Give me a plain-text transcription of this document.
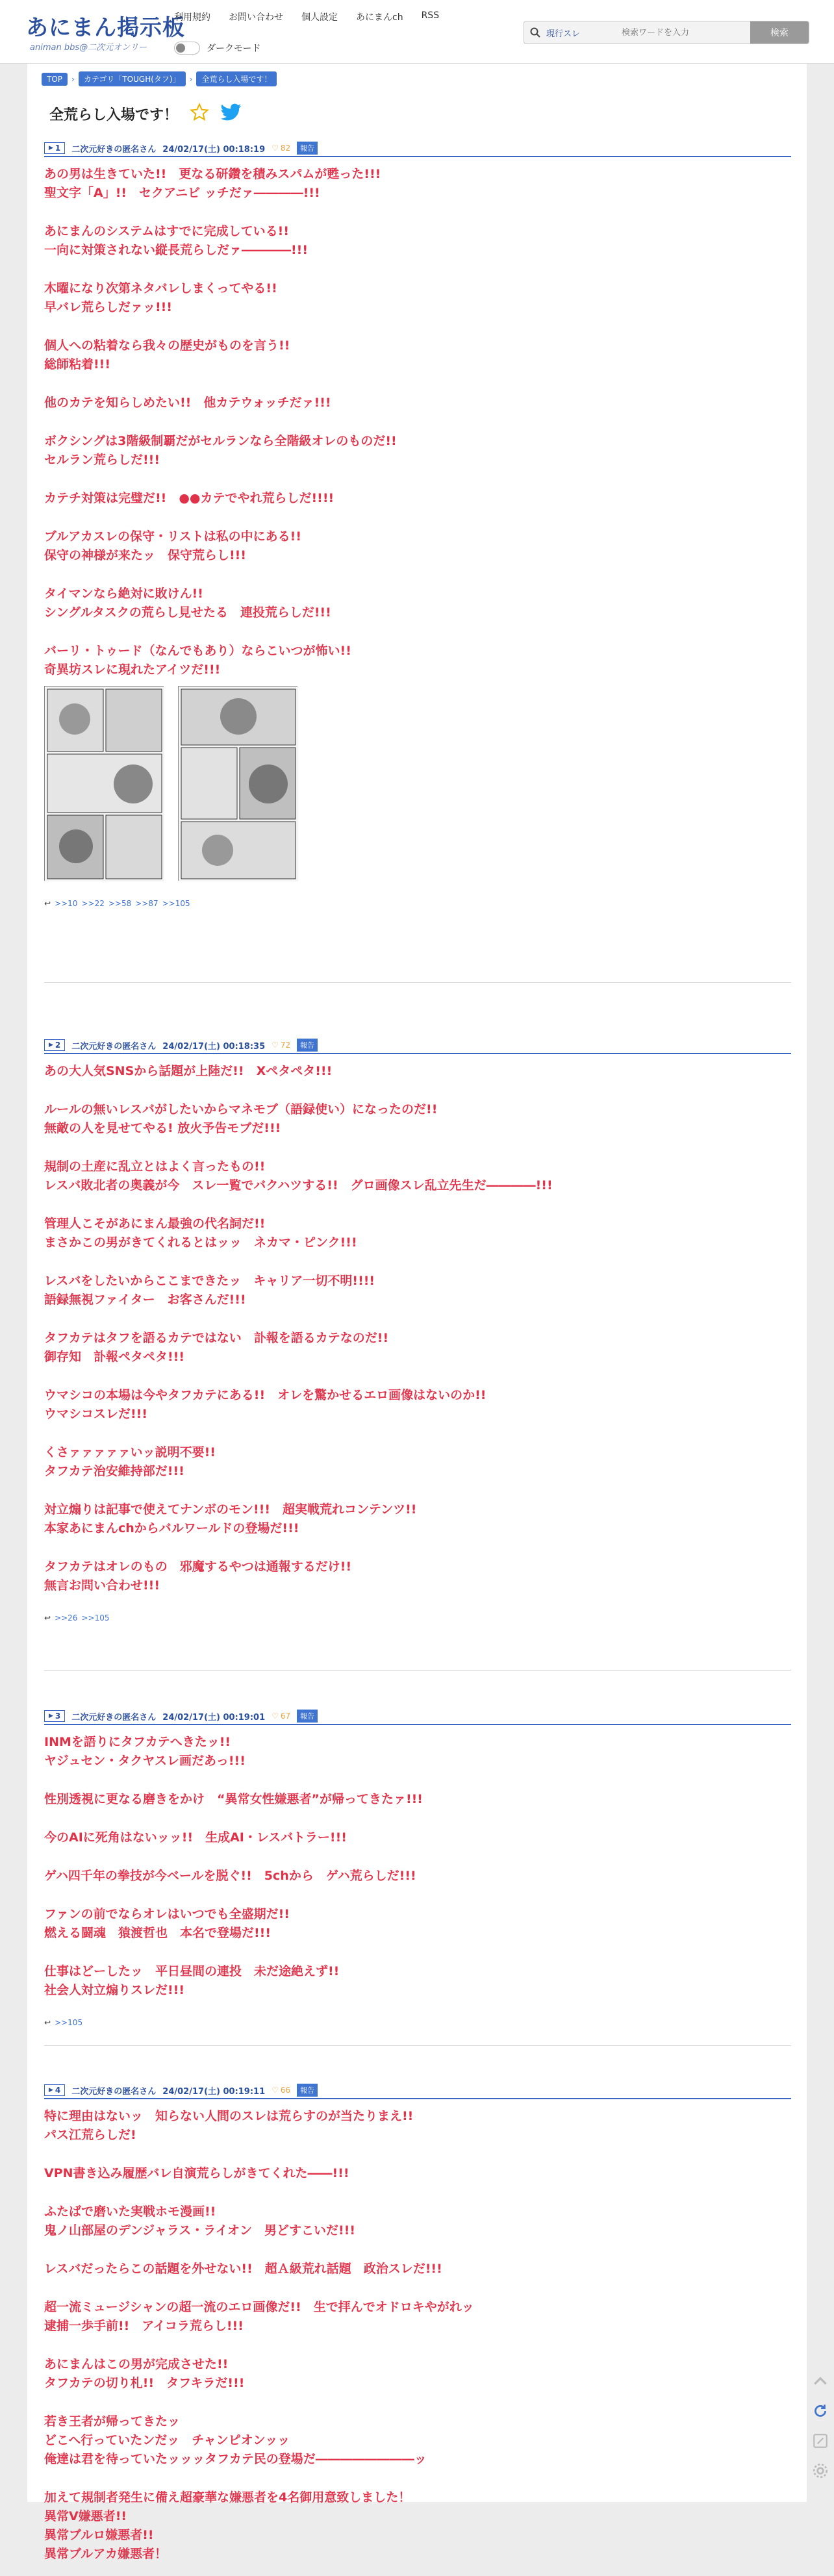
あにまん掲示板
animan bbs@二次元オンリー
利用規約 お問い合わせ 個人設定 あにまんch RSS
ダークモード
現行スレ
検索ワードを入力	検索
TOP	›	カテゴリ「TOUGH(タフ)」	›	全荒らし入場です！
全荒らし入場です！
▶ 1 二次元好きの匿名さん 24/02/17(土) 00:18:19 ♡ 82	報告
あの男は生きていた!!　更なる研鑽を積みスパムが甦った!!!
聖文字「A」!!　セクアニビ ッチだァ――――!!!
あにまんのシステムはすでに完成している!!
一向に対策されない縦長荒らしだァ――――!!!
木曜になり次第ネタバレしまくってやる!!
早バレ荒らしだァッ!!!
個人への粘着なら我々の歴史がものを言う!!
総師粘着!!!
他のカテを知らしめたい!!　他カテウォッチだァ!!!
ボクシングは3階級制覇だがセルランなら全階級オレのものだ!!
セルラン荒らしだ!!!
カテチ対策は完璧だ!!　●●カテでやれ荒らしだ!!!!
ブルアカスレの保守・リストは私の中にある!!
保守の神様が来たッ　保守荒らし!!!
タイマンなら絶対に敗けん!!
シングルタスクの荒らし見せたる　連投荒らしだ!!!
バーリ・トゥード（なんでもあり）ならこいつが怖い!!
奇異坊スレに現れたアイツだ!!!
↩ >>10 >>22 >>58 >>87 >>105
▶ 2 二次元好きの匿名さん 24/02/17(土) 00:18:35 ♡ 72	報告
あの大人気SNSから話題が上陸だ!!　Xペタペタ!!!
ルールの無いレスバがしたいからマネモブ（語録使い）になったのだ!!
無敵の人を見せてやる! 放火予告モブだ!!!
規制の土産に乱立とはよく言ったもの!!
レスバ敗北者の奥義が今　スレ一覧でバクハツする!!　グロ画像スレ乱立先生だ――――!!!
管理人こそがあにまん最強の代名詞だ!!
まさかこの男がきてくれるとはッッ　ネカマ・ピンク!!!
レスバをしたいからここまできたッ　キャリア一切不明!!!!
語録無視ファイター　お客さんだ!!!
タフカテはタフを語るカテではない　訃報を語るカテなのだ!!
御存知　訃報ペタペタ!!!
ウマシコの本場は今やタフカテにある!!　オレを驚かせるエロ画像はないのか!!
ウマシコスレだ!!!
くさァァァァァいッ説明不要!!
タフカテ治安維持部だ!!!
対立煽りは記事で使えてナンボのモン!!!　超実戦荒れコンテンツ!!
本家あにまんchからバルワールドの登場だ!!!
タフカテはオレのもの　邪魔するやつは通報するだけ!!
無言お問い合わせ!!!
↩ >>26 >>105
▶ 3 二次元好きの匿名さん 24/02/17(土) 00:19:01 ♡ 67	報告
INMを語りにタフカテへきたッ!!
ヤジュセン・タクヤスレ画だあっ!!!
性別透視に更なる磨きをかけ　“異常女性嫌悪者”が帰ってきたァ!!!
今のAIに死角はないッッ!!　生成AI・レスバトラー!!!
ゲハ四千年の拳技が今ベールを脱ぐ!!　5chから　ゲハ荒らしだ!!!
ファンの前でならオレはいつでも全盛期だ!!
燃える闘魂　猿渡哲也　本名で登場だ!!!
仕事はどーしたッ　平日昼間の連投　未だ途絶えず!!
社会人対立煽りスレだ!!!
↩ >>105
▶ 4 二次元好きの匿名さん 24/02/17(土) 00:19:11 ♡ 66	報告
特に理由はないッ　知らない人間のスレは荒らすのが当たりまえ!!
パス江荒らしだ!
VPN書き込み履歴バレ自演荒らしがきてくれた――!!!
ふたばで磨いた実戦ホモ漫画!!
鬼ノ山部屋のデンジャラス・ライオン　男どすこいだ!!!
レスバだったらこの話題を外せない!!　超Ａ級荒れ話題　政治スレだ!!!
超一流ミュージシャンの超一流のエロ画像だ!!　生で拝んでオドロキやがれッ
逮捕一歩手前!!　アイコラ荒らし!!!
あにまんはこの男が完成させた!!
タフカテの切り札!!　タフキラだ!!!
若き王者が帰ってきたッ
どこへ行っていたンだッ　チャンピオンッッ
俺達は君を待っていたッッッタフカテ民の登場だ――――――――ッ
加えて規制者発生に備え超豪華な嫌悪者を4名御用意致しました！
異常V嫌悪者!!
異常ブルロ嫌悪者!!
異常ブルアカ嫌悪者！
